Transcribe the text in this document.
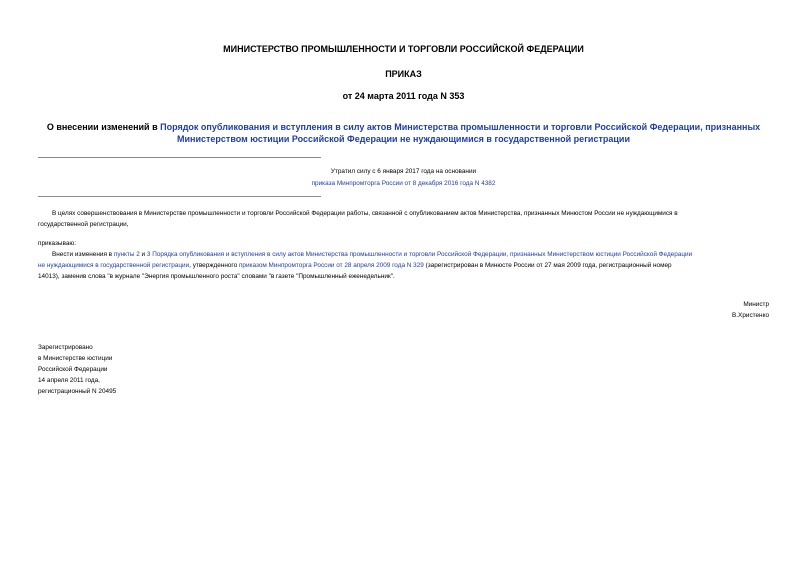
МИНИСТЕРСТВО ПРОМЫШЛЕННОСТИ И ТОРГОВЛИ РОССИЙСКОЙ ФЕДЕРАЦИИ
ПРИКАЗ
от 24 марта 2011 года N 353
О внесении изменений в Порядок опубликования и вступления в силу актов Министерства промышленности и торговли Российской Федерации, признанных
Министерством юстиции Российской Федерации не нуждающимися в государственной регистрации
Утратил силу с 6 января 2017 года на основании
приказа Минпромторга России от 8 декабря 2016 года N 4382
В целях совершенствования в Министерстве промышленности и торговли Российской Федерации работы, связанной с опубликованием актов Министерства, признанных Минюстом России не нуждающимися в
государственной регистрации,
приказываю:
Внести изменения в пункты 2 и 3 Порядка опубликования и вступления в силу актов Министерства промышленности и торговли Российской Федерации, признанных Министерством юстиции Российской Федерации
не нуждающимися в государственной регистрации, утвержденного приказом Минпромторга России от 28 апреля 2009 года N 329 (зарегистрирован в Минюсте России от 27 мая 2009 года, регистрационный номер
14013), заменив слова "в журнале "Энергия промышленного роста" словами "в газете "Промышленный еженедельник".
Министр
В.Христенко
Зарегистрировано
в Министерстве юстиции
Российской Федерации
14 апреля 2011 года,
регистрационный N 20495
